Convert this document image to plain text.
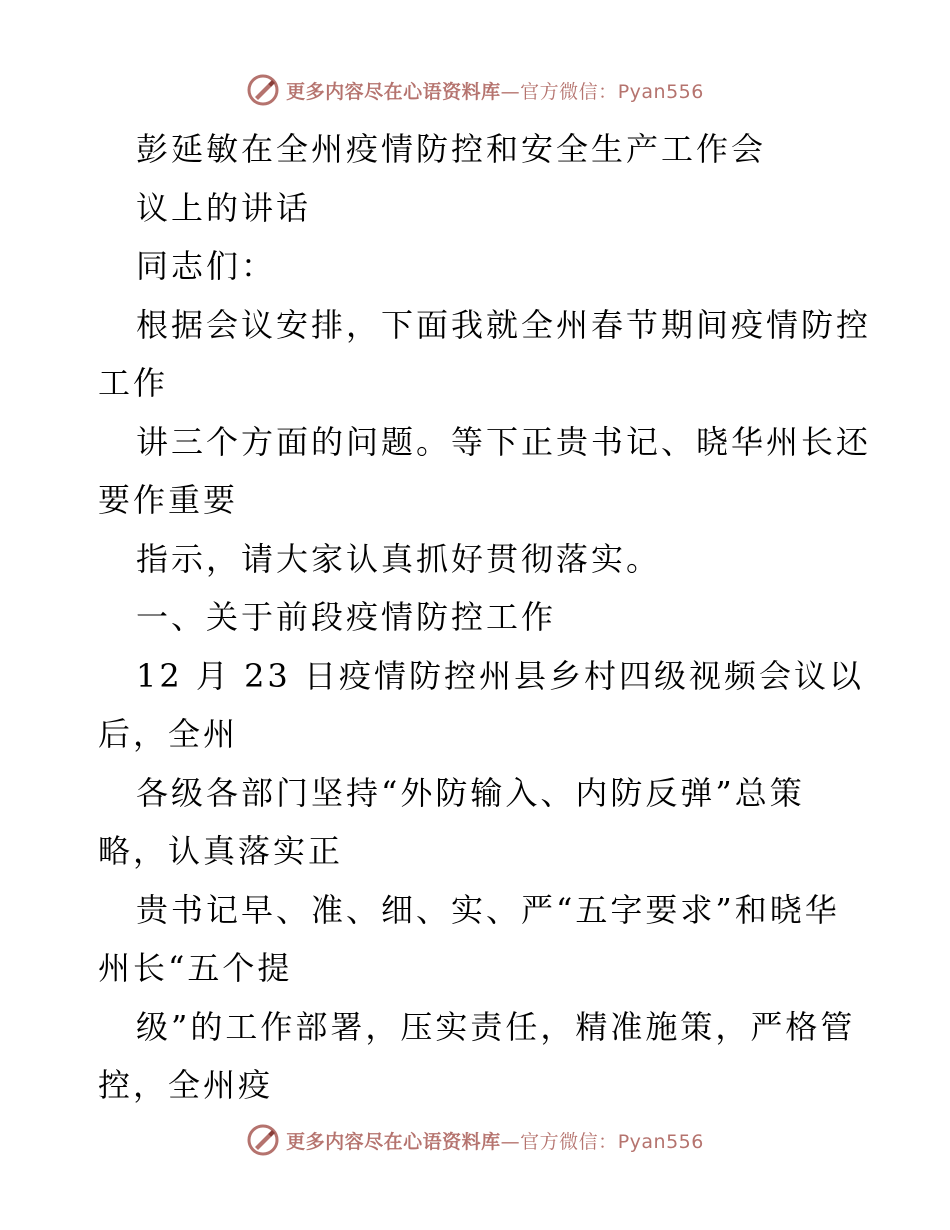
更多内容尽在心语资料库—官方微信：Pyan556
彭延敏在全州疫情防控和安全生产工作会
议上的讲话
同志们：
根据会议安排，下面我就全州春节期间疫情防控
工作
讲三个方面的问题。等下正贵书记、晓华州长还
要作重要
指示，请大家认真抓好贯彻落实。
一、关于前段疫情防控工作
12 月 23 日疫情防控州县乡村四级视频会议以
后，全州
各级各部门坚持“外防输入、内防反弹”总策
略，认真落实正
贵书记早、准、细、实、严“五字要求”和晓华
州长“五个提
级”的工作部署，压实责任，精准施策，严格管
控，全州疫
更多内容尽在心语资料库—官方微信：Pyan556
